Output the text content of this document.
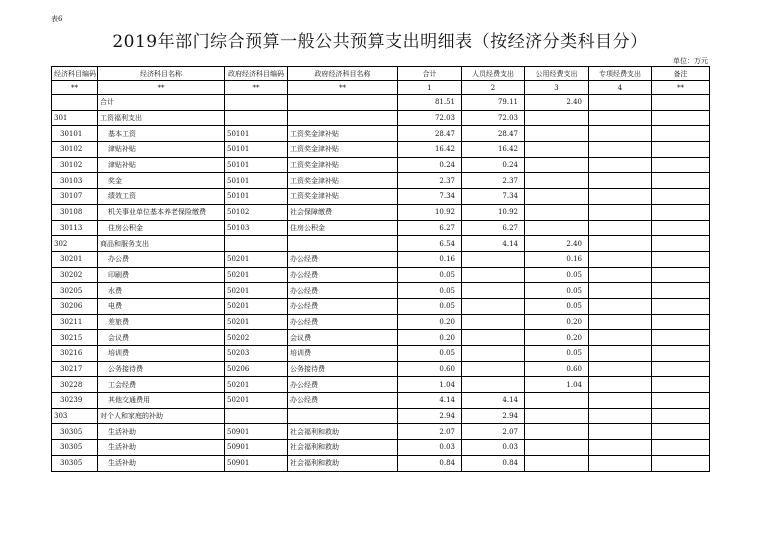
表6
2019年部门综合预算一般公共预算支出明细表（按经济分类科目分）
单位：万元
经济科目编码	经济科目名称	政府经济科目编码	政府经济科目名称	合计	人员经费支出	公用经费支出	专项经费支出	备注
**	**	**	**	1	2	3	4	**
	合计			81.51	79.11	2.40		
301	工资福利支出			72.03	72.03			
30101	基本工资	50101	工资奖金津补贴	28.47	28.47			
30102	津贴补贴	50101	工资奖金津补贴	16.42	16.42			
30102	津贴补贴	50101	工资奖金津补贴	0.24	0.24			
30103	奖金	50101	工资奖金津补贴	2.37	2.37			
30107	绩效工资	50101	工资奖金津补贴	7.34	7.34			
30108	机关事业单位基本养老保险缴费	50102	社会保障缴费	10.92	10.92			
30113	住房公积金	50103	住房公积金	6.27	6.27			
302	商品和服务支出			6.54	4.14	2.40		
30201	办公费	50201	办公经费	0.16		0.16		
30202	印刷费	50201	办公经费	0.05		0.05		
30205	水费	50201	办公经费	0.05		0.05		
30206	电费	50201	办公经费	0.05		0.05		
30211	差旅费	50201	办公经费	0.20		0.20		
30215	会议费	50202	会议费	0.20		0.20		
30216	培训费	50203	培训费	0.05		0.05		
30217	公务接待费	50206	公务接待费	0.60		0.60		
30228	工会经费	50201	办公经费	1.04		1.04		
30239	其他交通费用	50201	办公经费	4.14	4.14			
303	对个人和家庭的补助			2.94	2.94			
30305	生活补助	50901	社会福利和救助	2.07	2.07			
30305	生活补助	50901	社会福利和救助	0.03	0.03			
30305	生活补助	50901	社会福利和救助	0.84	0.84			
